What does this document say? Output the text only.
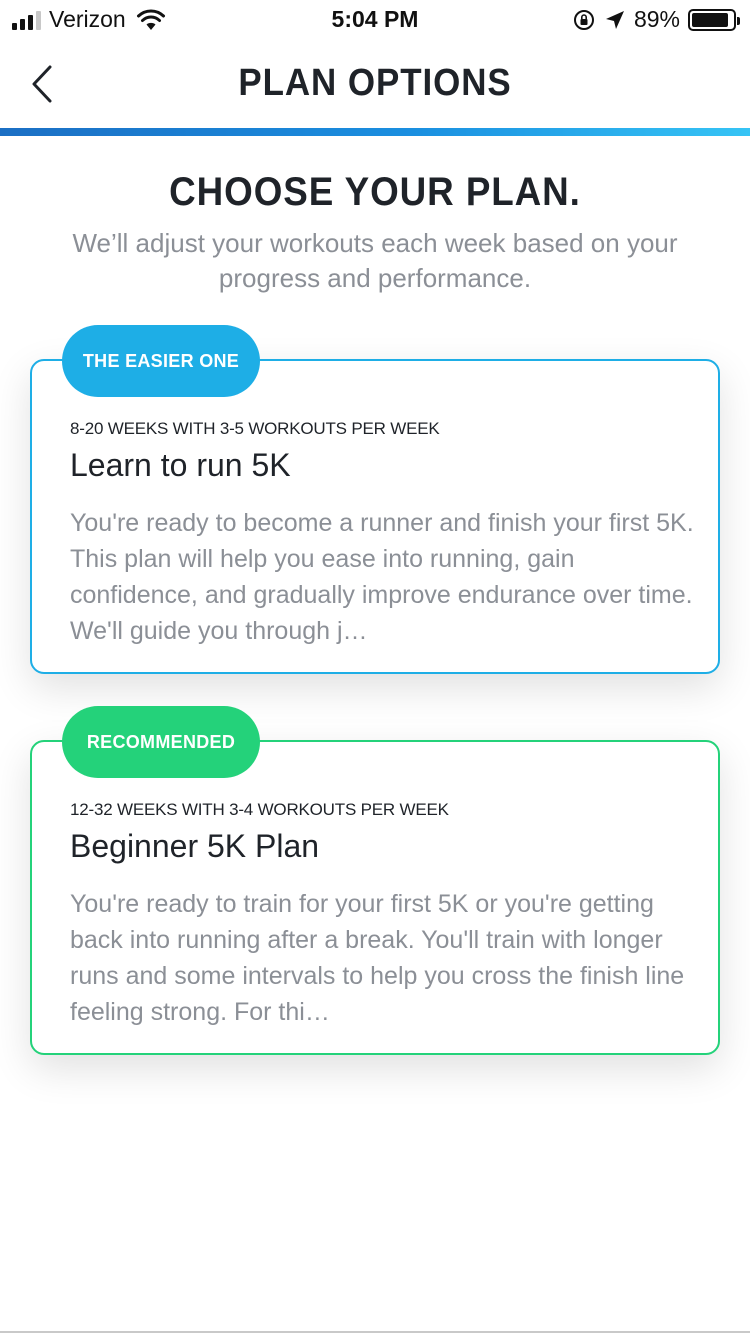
Verizon	5:04 PM	89%
PLAN OPTIONS
CHOOSE YOUR PLAN.
We’ll adjust your workouts each week based on your progress and performance.
THE EASIER ONE
8-20 WEEKS WITH 3-5 WORKOUTS PER WEEK
Learn to run 5K
You're ready to become a runner and finish your first 5K. This plan will help you ease into running, gain confidence, and gradually improve endurance over time. We'll guide you through j…
RECOMMENDED
12-32 WEEKS WITH 3-4 WORKOUTS PER WEEK
Beginner 5K Plan
You're ready to train for your first 5K or you're getting back into running after a break. You'll train with longer runs and some intervals to help you cross the finish line feeling strong. For thi…
